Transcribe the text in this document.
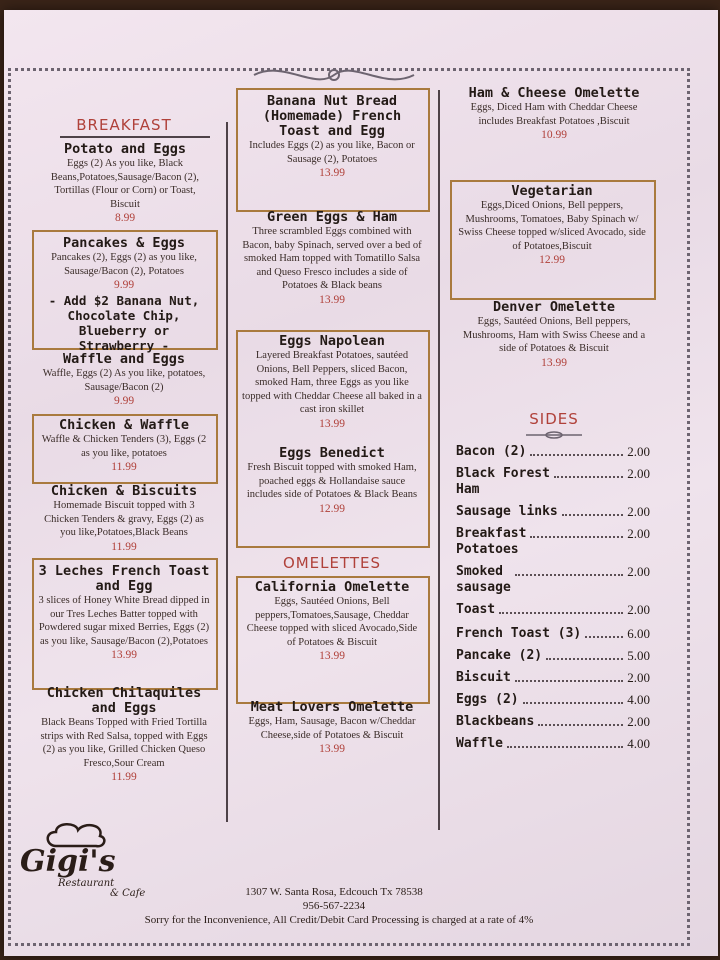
BREAKFAST
Potato and Eggs
Eggs (2) As you like, Black Beans,Potatoes,Sausage/Bacon (2), Tortillas (Flour or Corn) or Toast, Biscuit
8.99
Pancakes & Eggs
Pancakes (2), Eggs (2) as you like, Sausage/Bacon (2), Potatoes
9.99
- Add $2 Banana Nut, Chocolate Chip, Blueberry or Strawberry -
Waffle and Eggs
Waffle, Eggs (2) As you like, potatoes, Sausage/Bacon (2)
9.99
Chicken & Waffle
Waffle & Chicken Tenders (3), Eggs (2 as you like, potatoes
11.99
Chicken & Biscuits
Homemade Biscuit topped with 3 Chicken Tenders & gravy, Eggs (2) as you like,Potatoes,Black Beans
11.99
3 Leches French Toast and Egg
3 slices of Honey White Bread dipped in our Tres Leches Batter topped with Powdered sugar mixed Berries, Eggs (2) as you like, Sausage/Bacon (2),Potatoes
13.99
Chicken Chilaquiles and Eggs
Black Beans Topped with Fried Tortilla strips with Red Salsa, topped with Eggs (2) as you like, Grilled Chicken Queso Fresco,Sour Cream
11.99
Banana Nut Bread (Homemade) French Toast and Egg
Includes Eggs (2) as you like, Bacon or Sausage (2), Potatoes
13.99
Green Eggs & Ham
Three scrambled Eggs combined with Bacon, baby Spinach, served over a bed of smoked Ham topped with Tomatillo Salsa and Queso Fresco includes a side of Potatoes & Black beans
13.99
Eggs Napolean
Layered Breakfast Potatoes, sautéed Onions, Bell Peppers, sliced Bacon, smoked Ham, three Eggs as you like topped with Cheddar Cheese all baked in a cast iron skillet
13.99
Eggs Benedict
Fresh Biscuit topped with smoked Ham, poached eggs & Hollandaise sauce includes side of Potatoes & Black Beans
12.99
OMELETTES
California Omelette
Eggs, Sautéed Onions, Bell peppers,Tomatoes,Sausage, Cheddar Cheese topped with sliced Avocado,Side of Potatoes & Biscuit
13.99
Meat Lovers Omelette
Eggs, Ham, Sausage, Bacon w/Cheddar Cheese,side of Potatoes & Biscuit
13.99
Ham & Cheese Omelette
Eggs, Diced Ham with Cheddar Cheese includes Breakfast Potatoes ,Biscuit
10.99
Vegetarian
Eggs,Diced Onions, Bell peppers, Mushrooms, Tomatoes, Baby Spinach w/ Swiss Cheese topped w/sliced Avocado, side of Potatoes,Biscuit
12.99
Denver Omelette
Eggs, Sautéed Onions, Bell peppers, Mushrooms, Ham with Swiss Cheese and a side of Potatoes & Biscuit
13.99
SIDES
Bacon (2)	2.00
Black Forest
Ham
2.00
Sausage links	2.00
Breakfast
Potatoes
2.00
Smoked
sausage
2.00
Toast	2.00
French Toast (3)	6.00
Pancake (2)	5.00
Biscuit	2.00
Eggs (2)	4.00
Blackbeans	2.00
Waffle	4.00
Gigi's
Restaurant
& Cafe	1307 W. Santa Rosa, Edcouch Tx 78538
956-567-2234
Sorry for the Inconvenience, All Credit/Debit Card Processing is charged at a rate of 4%
